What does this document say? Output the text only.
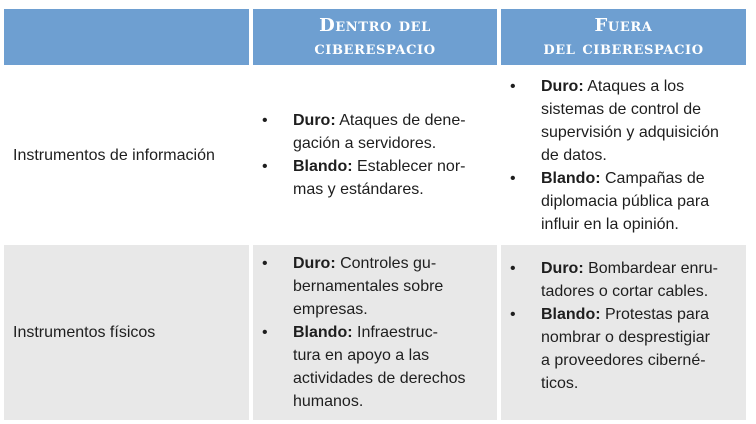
Dentro del
ciberespacio
Fuera
del ciberespacio
Instrumentos de información
• Duro: Ataques de dene-
gación a servidores.
• Blando: Establecer nor-
mas y estándares.
• Duro: Ataques a los
sistemas de control de
supervisión y adquisición
de datos.
• Blando: Campañas de
diplomacia pública para
influir en la opinión.
Instrumentos físicos
• Duro: Controles gu-
bernamentales sobre
empresas.
• Blando: Infraestruc-
tura en apoyo a las
actividades de derechos
humanos.
• Duro: Bombardear enru-
tadores o cortar cables.
• Blando: Protestas para
nombrar o desprestigiar
a proveedores ciberné-
ticos.
